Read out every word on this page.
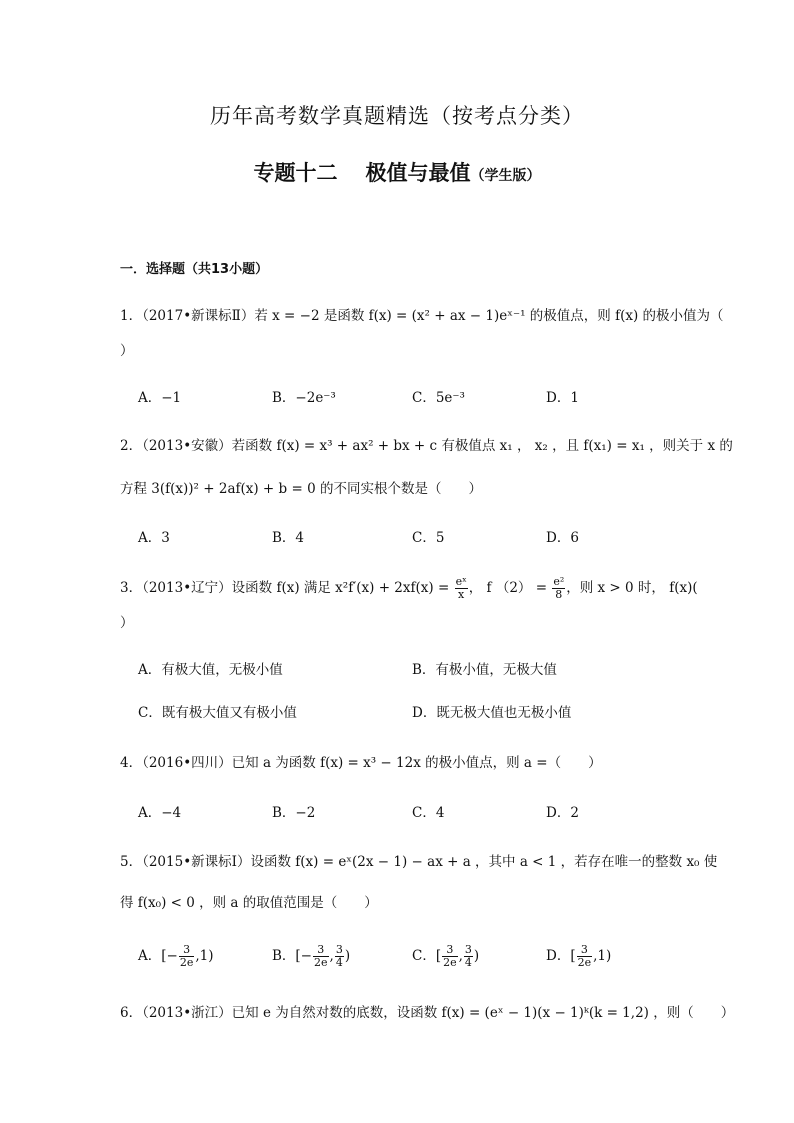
历年高考数学真题精选（按考点分类）
专题十二 极值与最值（学生版）
一．选择题（共13小题）
1．（2017•新课标Ⅱ）若 x = −2 是函数 f(x) = (x² + ax − 1)eˣ⁻¹ 的极值点，则 f(x) 的极小值为（
）
A．−1	B．−2e⁻³	C．5e⁻³	D．1
2．（2013•安徽）若函数 f(x) = x³ + ax² + bx + c 有极值点 x₁ ， x₂ ，且 f(x₁) = x₁ ，则关于 x 的
方程 3(f(x))² + 2af(x) + b = 0 的不同实根个数是（　　）
A．3	B．4	C．5	D．6
3．（2013•辽宁）设函数 f(x) 满足 $x^2f'(x) + 2xf(x) = \frac{\text{eˣ}}{x}$ ， f $(2) = \frac{\text{e²}}{8}$ ，则 x > 0 时， f(x)(
）
A．有极大值，无极小值	B．有极小值，无极大值
C．既有极大值又有极小值	D．既无极大值也无极小值
4．（2016•四川）已知 a 为函数 f(x) = x³ − 12x 的极小值点，则 a =（　　）
A．−4	B．−2	C．4	D．2
5．（2015•新课标Ⅰ）设函数 f(x) = eˣ(2x − 1) − ax + a ，其中 a < 1 ，若存在唯一的整数 x₀ 使
得 f(x₀) < 0 ，则 a 的取值范围是（　　）
A．[− $\frac{3}{2e} ,1$)	B．[− $\frac{3}{2e}$ , $\frac{3}{4}$ )	C．[ $\frac{3}{2e}$ , $\frac{3}{4}$ )	D．[ $\frac{3}{2e} ,1$)
6．（2013•浙江）已知 e 为自然对数的底数，设函数 f(x) = (eˣ − 1)(x − 1)ᵏ(k = 1,2) ，则（　　）
